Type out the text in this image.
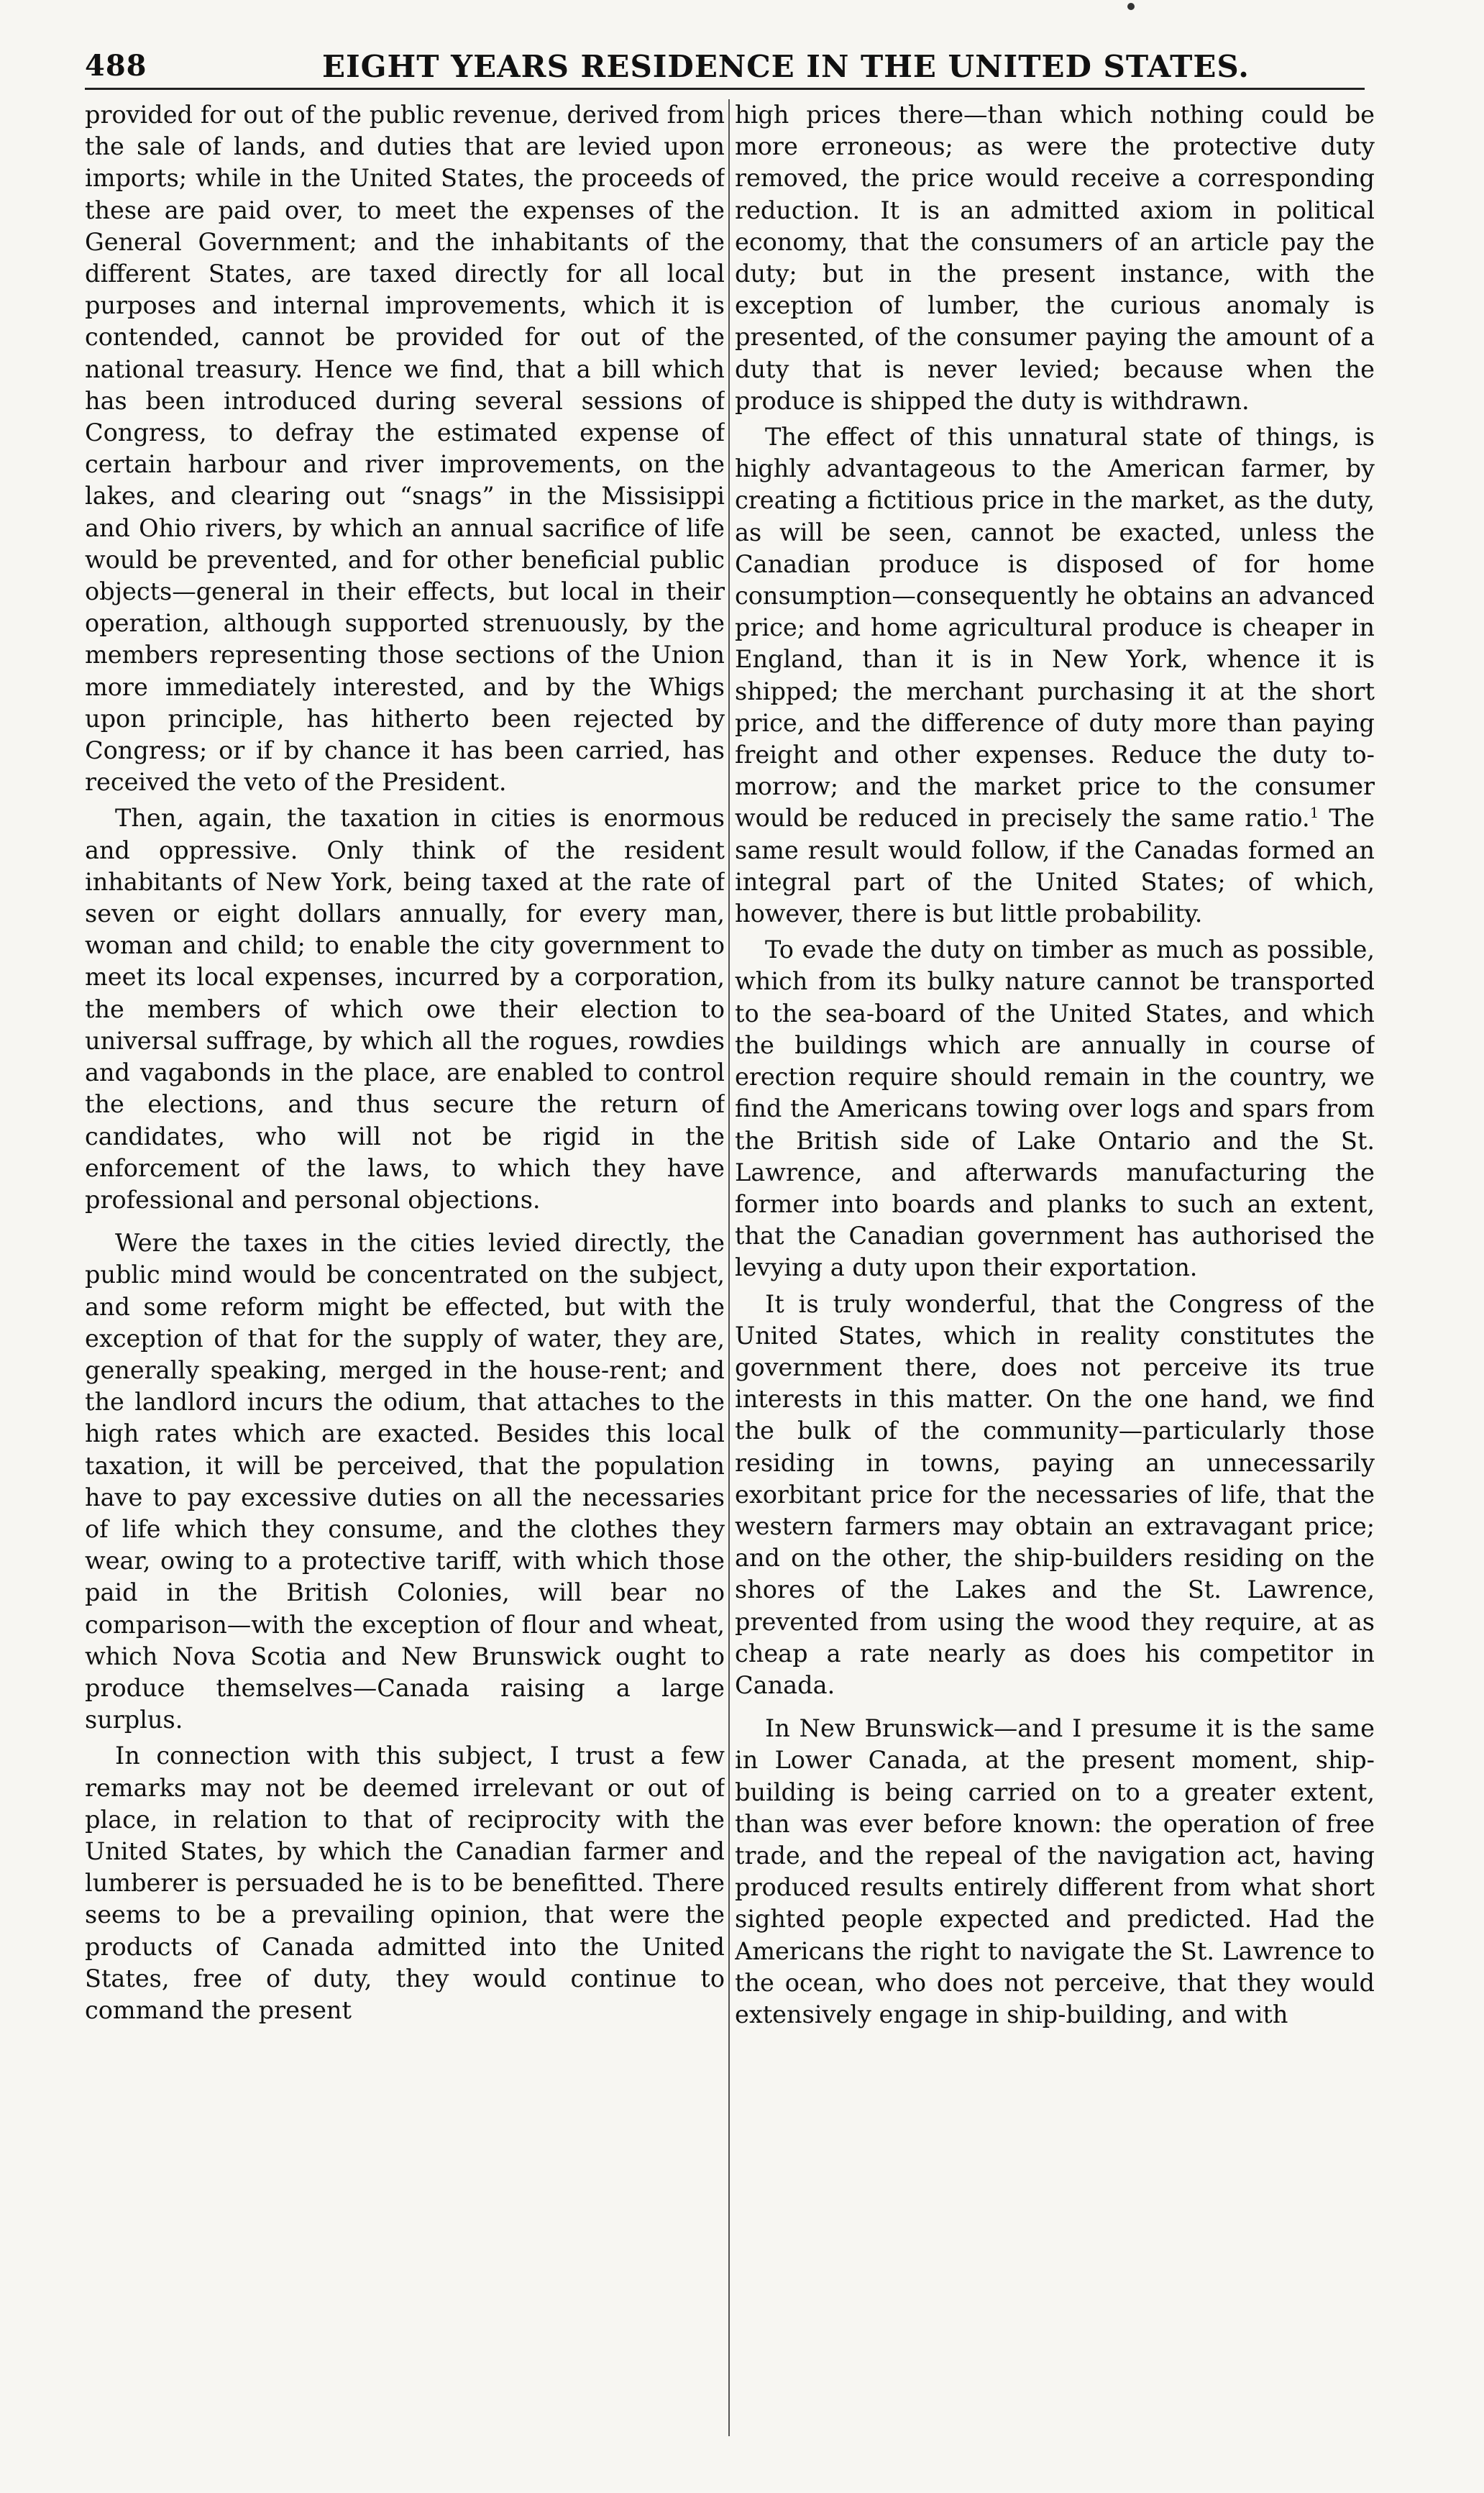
488	EIGHT YEARS RESIDENCE IN THE UNITED STATES.

provided for out of the public revenue, derived from the sale of lands, and duties that are levied upon imports; while in the United States, the proceeds of these are paid over, to meet the expenses of the General Government; and the inhabitants of the different States, are taxed directly for all local purposes and internal improvements, which it is contended, cannot be provided for out of the national treasury. Hence we find, that a bill which has been introduced during several sessions of Congress, to defray the estimated expense of certain harbour and river improvements, on the lakes, and clearing out “snags” in the Missisippi and Ohio rivers, by which an annual sacrifice of life would be prevented, and for other beneficial public objects—general in their effects, but local in their operation, although supported strenuously, by the members representing those sections of the Union more immediately interested, and by the Whigs upon principle, has hitherto been rejected by Congress; or if by chance it has been carried, has received the veto of the President.

Then, again, the taxation in cities is enormous and oppressive. Only think of the resident inhabitants of New York, being taxed at the rate of seven or eight dollars annually, for every man, woman and child; to enable the city government to meet its local expenses, incurred by a corporation, the members of which owe their election to universal suffrage, by which all the rogues, rowdies and vagabonds in the place, are enabled to control the elections, and thus secure the return of candidates, who will not be rigid in the enforcement of the laws, to which they have professional and personal objections.

Were the taxes in the cities levied directly, the public mind would be concentrated on the subject, and some reform might be effected, but with the exception of that for the supply of water, they are, generally speaking, merged in the house-rent; and the landlord incurs the odium, that attaches to the high rates which are exacted. Besides this local taxation, it will be perceived, that the population have to pay excessive duties on all the necessaries of life which they consume, and the clothes they wear, owing to a protective tariff, with which those paid in the British Colonies, will bear no comparison—with the exception of flour and wheat, which Nova Scotia and New Brunswick ought to produce themselves—Canada raising a large surplus.

In connection with this subject, I trust a few remarks may not be deemed irrelevant or out of place, in relation to that of reciprocity with the United States, by which the Canadian farmer and lumberer is persuaded he is to be benefitted. There seems to be a prevailing opinion, that were the products of Canada admitted into the United States, free of duty, they would continue to command the present

high prices there—than which nothing could be more erroneous; as were the protective duty removed, the price would receive a corresponding reduction. It is an admitted axiom in political economy, that the consumers of an article pay the duty; but in the present instance, with the exception of lumber, the curious anomaly is presented, of the consumer paying the amount of a duty that is never levied; because when the produce is shipped the duty is withdrawn.

The effect of this unnatural state of things, is highly advantageous to the American farmer, by creating a fictitious price in the market, as the duty, as will be seen, cannot be exacted, unless the Canadian produce is disposed of for home consumption—consequently he obtains an advanced price; and home agricultural produce is cheaper in England, than it is in New York, whence it is shipped; the merchant purchasing it at the short price, and the difference of duty more than paying freight and other expenses. Reduce the duty to-morrow; and the market price to the consumer would be reduced in precisely the same ratio.$^1$ The same result would follow, if the Canadas formed an integral part of the United States; of which, however, there is but little probability.

To evade the duty on timber as much as possible, which from its bulky nature cannot be transported to the sea-board of the United States, and which the buildings which are annually in course of erection require should remain in the country, we find the Americans towing over logs and spars from the British side of Lake Ontario and the St. Lawrence, and afterwards manufacturing the former into boards and planks to such an extent, that the Canadian government has authorised the levying a duty upon their exportation.

It is truly wonderful, that the Congress of the United States, which in reality constitutes the government there, does not perceive its true interests in this matter. On the one hand, we find the bulk of the community—particularly those residing in towns, paying an unnecessarily exorbitant price for the necessaries of life, that the western farmers may obtain an extravagant price; and on the other, the ship-builders residing on the shores of the Lakes and the St. Lawrence, prevented from using the wood they require, at as cheap a rate nearly as does his competitor in Canada.

In New Brunswick—and I presume it is the same in Lower Canada, at the present moment, ship-building is being carried on to a greater extent, than was ever before known: the operation of free trade, and the repeal of the navigation act, having produced results entirely different from what short sighted people expected and predicted. Had the Americans the right to navigate the St. Lawrence to the ocean, who does not perceive, that they would extensively engage in ship-building, and with
